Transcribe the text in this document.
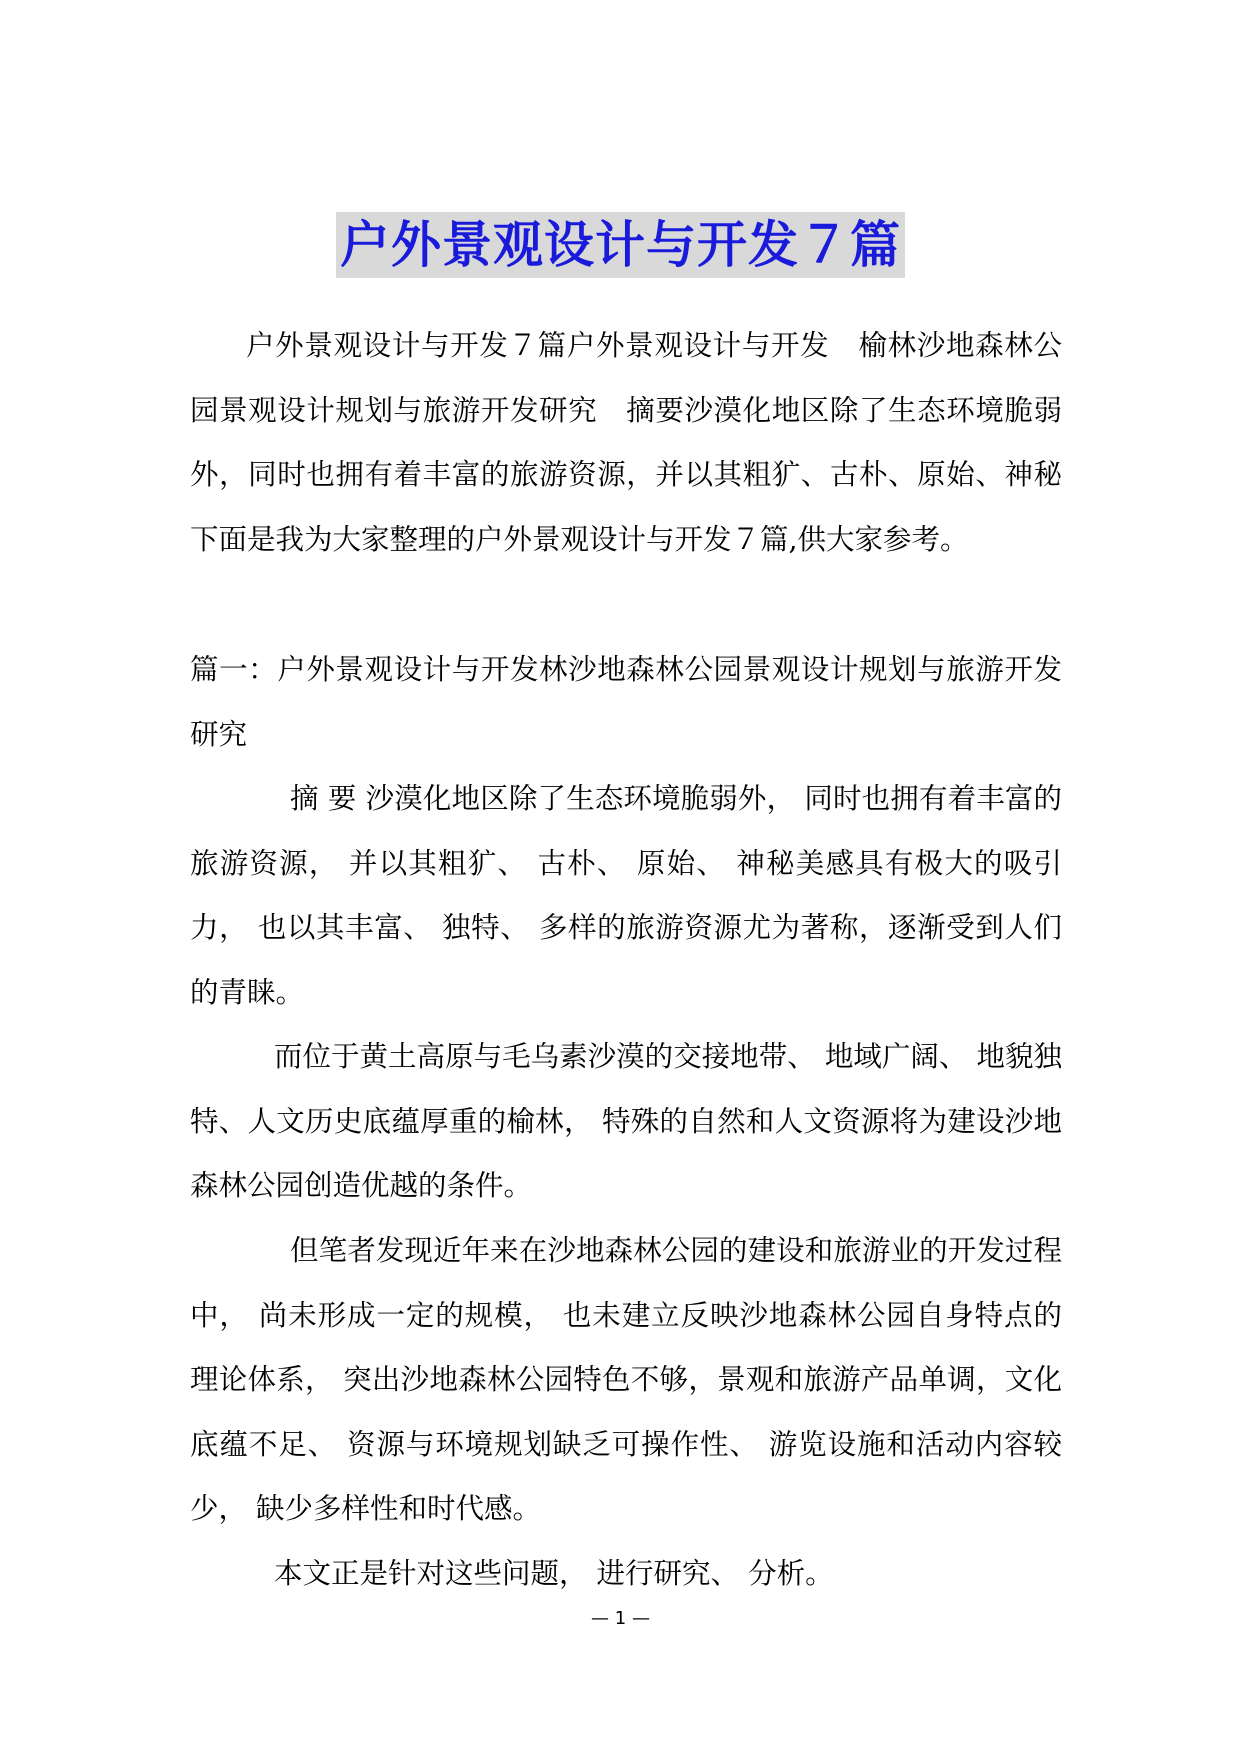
户外景观设计与开发７篇

户外景观设计与开发７篇户外景观设计与开发　榆林沙地森林公园景观设计规划与旅游开发研究　摘要沙漠化地区除了生态环境脆弱外，同时也拥有着丰富的旅游资源，并以其粗犷、古朴、原始、神秘下面是我为大家整理的户外景观设计与开发７篇,供大家参考。

篇一：户外景观设计与开发林沙地森林公园景观设计规划与旅游开发研究

摘 要 沙漠化地区除了生态环境脆弱外， 同时也拥有着丰富的旅游资源， 并以其粗犷、 古朴、 原始、 神秘美感具有极大的吸引力， 也以其丰富、 独特、 多样的旅游资源尤为著称，逐渐受到人们的青睐。

而位于黄土高原与毛乌素沙漠的交接地带、 地域广阔、 地貌独特、人文历史底蕴厚重的榆林， 特殊的自然和人文资源将为建设沙地森林公园创造优越的条件。

但笔者发现近年来在沙地森林公园的建设和旅游业的开发过程中， 尚未形成一定的规模， 也未建立反映沙地森林公园自身特点的理论体系， 突出沙地森林公园特色不够，景观和旅游产品单调，文化底蕴不足、 资源与环境规划缺乏可操作性、 游览设施和活动内容较少， 缺少多样性和时代感。

本文正是针对这些问题， 进行研究、 分析。

— 1 —
